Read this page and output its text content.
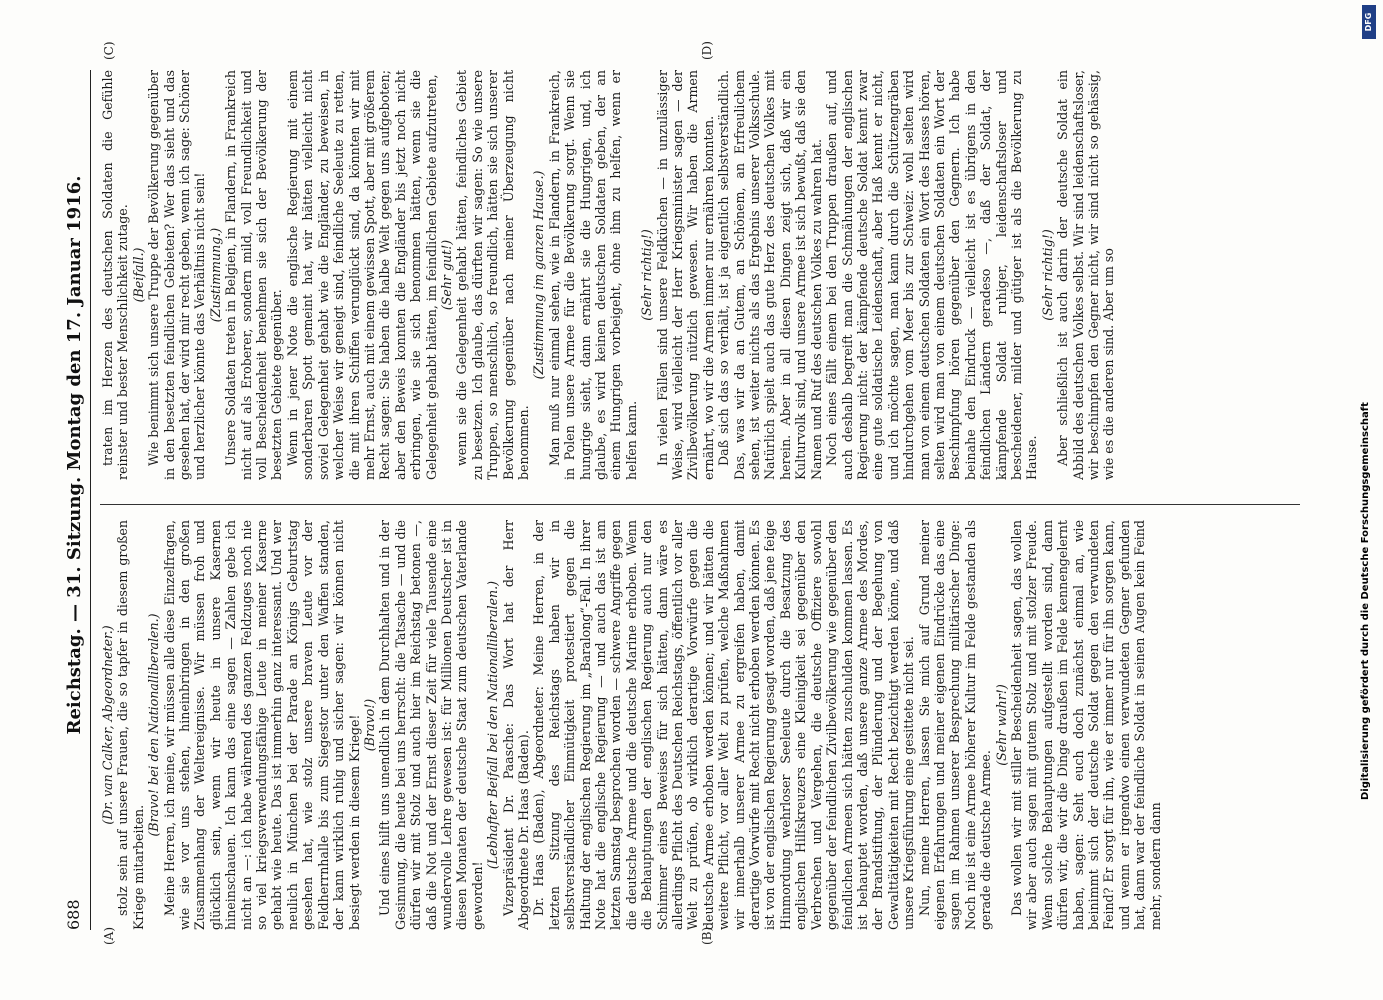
688
Reichstag. — 31. Sitzung. Montag den 17. Januar 1916.
(A)	(B)
(C)	(D)

(Dr. van Calker, Abgeordneter.) stolz sein auf unsere Frauen, die so tapfer in diesem großen Kriege mitarbeiten.

(Bravo! bei den Nationalliberalen.) Meine Herren, ich meine, wir müssen alle diese Einzelfragen, wie sie vor uns stehen, hineinbringen in den großen Zusammenhang der Weltereignisse. Wir müssen froh und glücklich sein, wenn wir heute in unsere Kasernen hineinschauen. Ich kann das eine sagen — Zahlen gebe ich nicht an —: ich habe während des ganzen Feldzuges noch nie so viel kriegsverwendungsfähige Leute in meiner Kaserne gehabt wie heute. Das ist immerhin ganz interessant. Und wer neulich in München bei der Parade an Königs Geburtstag gesehen hat, wie stolz unsere braven Leute vor der Feldherrnhalle bis zum Siegestor unter den Waffen standen, der kann wirklich ruhig und sicher sagen: wir können nicht besiegt werden in diesem Kriege! (Bravo!) Und eines hilft uns unendlich in dem Durchhalten und in der Gesinnung, die heute bei uns herrscht: die Tatsache — und die dürfen wir mit Stolz und auch hier im Reichstag betonen —, daß die Not und der Ernst dieser Zeit für viele Tausende eine wundervolle Lehre gewesen ist: für Millionen Deutscher ist in diesen Monaten der deutsche Staat zum deutschen Vaterlande geworden!

(Lebhafter Beifall bei den Nationalliberalen.) Vizepräsident Dr. Paasche: Das Wort hat der Herr Abgeordnete Dr. Haas (Baden). Dr. Haas (Baden), Abgeordneter: Meine Herren, in der letzten Sitzung des Reichstags haben wir in selbstverständlicher Einmütigkeit protestiert gegen die Haltung der englischen Regierung im „Baralong“-Fall. In ihrer Note hat die englische Regierung — und auch das ist am letzten Samstag besprochen worden — schwere Angriffe gegen die deutsche Armee und die deutsche Marine erhoben. Wenn die Behauptungen der englischen Regierung auch nur den Schimmer eines Beweises für sich hätten, dann wäre es allerdings Pflicht des Deutschen Reichstags, öffentlich vor aller Welt zu prüfen, ob wirklich derartige Vorwürfe gegen die deutsche Armee erhoben werden können; und wir hätten die weitere Pflicht, vor aller Welt zu prüfen, welche Maßnahmen wir innerhalb unserer Armee zu ergreifen haben, damit derartige Vorwürfe mit Recht nicht erhoben werden können. Es ist von der englischen Regierung gesagt worden, daß jene feige Hinmordung wehrloser Seeleute durch die Besatzung des englischen Hilfskreuzers eine Kleinigkeit sei gegenüber den Verbrechen und Vergehen, die deutsche Offiziere sowohl gegenüber der feindlichen Zivilbevölkerung wie gegenüber den feindlichen Armeen sich hätten zuschulden kommen lassen. Es ist behauptet worden, daß unsere ganze Armee des Mordes, der Brandstiftung, der Plünderung und der Begehung von Gewalttätigkeiten mit Recht bezichtigt werden könne, und daß unsere Kriegsführung eine gesittete nicht sei. Nun, meine Herren, lassen Sie mich auf Grund meiner eigenen Erfahrungen und meiner eigenen Eindrücke das eine sagen im Rahmen unserer Besprechung militärischer Dinge: Noch nie ist eine Armee höherer Kultur im Felde gestanden als gerade die deutsche Armee.

(Sehr wahr!) Das wollen wir mit stiller Bescheidenheit sagen, das wollen wir aber auch sagen mit gutem Stolz und mit stolzer Freude. Wenn solche Behauptungen aufgestellt worden sind, dann dürfen wir, die wir die Dinge draußen im Felde kennengelernt haben, sagen: Seht euch doch zunächst einmal an, wie beinimmt sich der deutsche Soldat gegen den verwundeten Feind? Er sorgt für ihn, wie er immer nur für ihn sorgen kann, und wenn er irgendwo einen verwundeten Gegner gefunden hat, dann war der feindliche Soldat in seinen Augen kein Feind mehr, sondern dann

traten im Herzen des deutschen Soldaten die Gefühle reinster und bester Menschlichkeit zutage. (Beifall.) Wie benimmt sich unsere Truppe der Bevölkerung gegenüber in den besetzten feindlichen Gebieten? Wer das sieht und das gesehen hat, der wird mir recht geben, wenn ich sage: Schöner und herzlicher könnte das Verhältnis nicht sein! (Zustimmung.) Unsere Soldaten treten in Belgien, in Flandern, in Frankreich nicht auf als Eroberer, sondern mild, voll Freundlichkeit und voll Bescheidenheit benehmen sie sich der Bevölkerung der besetzten Gebiete gegenüber. Wenn in jener Note die englische Regierung mit einem sonderbaren Spott gemeint hat, wir hätten vielleicht nicht soviel Gelegenheit gehabt wie die Engländer, zu beweisen, in welcher Weise wir geneigt sind, feindliche Seeleute zu retten, die mit ihren Schiffen verunglückt sind, da könnten wir mit mehr Ernst, auch mit einem gewissen Spott, aber mit größerem Recht sagen: Sie haben die halbe Welt gegen uns aufgeboten; aber den Beweis konnten die Engländer bis jetzt noch nicht erbringen, wie sie sich benommen hätten, wenn sie die Gelegenheit gehabt hätten, im feindlichen Gebiete aufzutreten, (Sehr gut!) wenn sie die Gelegenheit gehabt hätten, feindliches Gebiet zu besetzen. Ich glaube, das dürften wir sagen: So wie unsere Truppen, so menschlich, so freundlich, hätten sie sich unserer Bevölkerung gegenüber nach meiner Überzeugung nicht benommen.

(Zustimmung im ganzen Hause.) Man muß nur einmal sehen, wie in Flandern, in Frankreich, in Polen unsere Armee für die Bevölkerung sorgt. Wenn sie hungrige sieht, dann ernährt sie die Hungrigen, und, ich glaube, es wird keinen deutschen Soldaten geben, der an einem Hungrigen vorbeigeht, ohne ihm zu helfen, wenn er helfen kann.

(Sehr richtig!) In vielen Fällen sind unsere Feldküchen — in unzulässiger Weise, wird vielleicht der Herr Kriegsminister sagen — der Zivilbevölkerung nützlich gewesen. Wir haben die Armen ernährt, wo wir die Armen immer nur ernähren konnten. Daß sich das so verhält, ist ja eigentlich selbstverständlich. Das, was wir da an Gutem, an Schönem, an Erfreulichem sehen, ist weiter nichts als das Ergebnis unserer Volksschule. Natürlich spielt auch das gute Herz des deutschen Volkes mit herein. Aber in all diesen Dingen zeigt sich, daß wir ein Kulturvolk sind, und unsere Armee ist sich bewußt, daß sie den Namen und Ruf des deutschen Volkes zu wahren hat. Noch eines fällt einem bei den Truppen draußen auf, und auch deshalb begreift man die Schmähungen der englischen Regierung nicht: der kämpfende deutsche Soldat kennt zwar eine gute soldatische Leidenschaft, aber Haß kennt er nicht, und ich möchte sagen, man kann durch die Schützengräben hindurchgehen vom Meer bis zur Schweiz: wohl selten wird man von einem deutschen Soldaten ein Wort des Hasses hören, selten wird man von einem deutschen Soldaten ein Wort der Beschimpfung hören gegenüber den Gegnern. Ich habe beinahe den Eindruck — vielleicht ist es übrigens in den feindlichen Ländern geradeso —, daß der Soldat, der kämpfende Soldat ruhiger, leidenschaftsloser und bescheidener, milder und gütiger ist als die Bevölkerung zu Hause.

(Sehr richtig!) Aber schließlich ist auch darin der deutsche Soldat ein Abbild des deutschen Volkes selbst. Wir sind leidenschaftsloser, wir beschimpfen den Gegner nicht, wir sind nicht so gehässig, wie es die anderen sind. Aber um so

DFG
Digitalisierung gefördert durch die Deutsche Forschungsgemeinschaft
